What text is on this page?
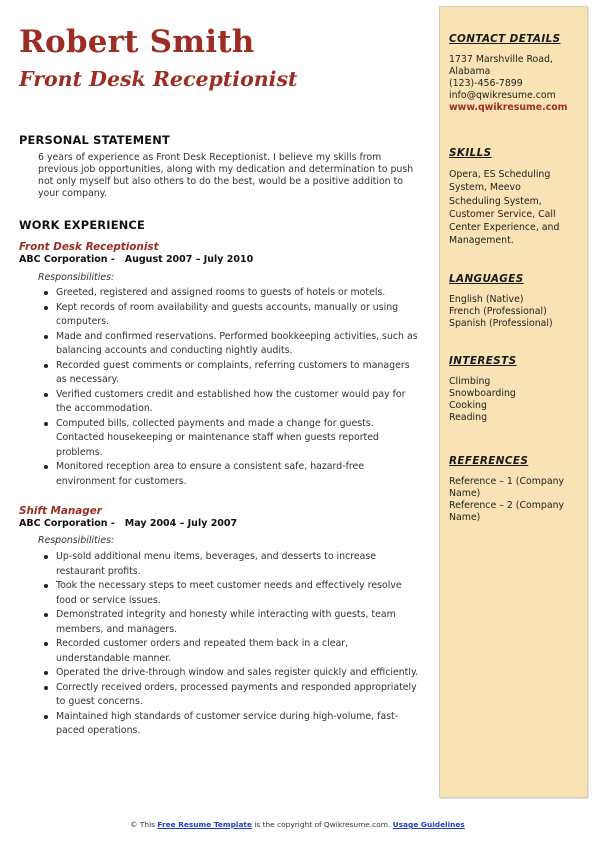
CONTACT DETAILS
1737 Marshville Road,
Alabama
(123)-456-7899
info@qwikresume.com
www.qwikresume.com
SKILLS
Opera, ES Scheduling
System, Meevo
Scheduling System,
Customer Service, Call
Center Experience, and
Management.
LANGUAGES
English (Native)
French (Professional)
Spanish (Professional)
INTERESTS
Climbing
Snowboarding
Cooking
Reading
REFERENCES
Reference – 1 (Company
Name)
Reference – 2 (Company
Name)
Robert Smith
Front Desk Receptionist
PERSONAL STATEMENT
6 years of experience as Front Desk Receptionist. I believe my skills from previous job opportunities, along with my dedication and determination to push not only myself but also others to do the best, would be a positive addition to your company.
WORK EXPERIENCE
Front Desk Receptionist
ABC Corporation - August 2007 – July 2010
Responsibilities:
Greeted, registered and assigned rooms to guests of hotels or motels.
Kept records of room availability and guests accounts, manually or using computers.
Made and confirmed reservations. Performed bookkeeping activities, such as balancing accounts and conducting nightly audits.
Recorded guest comments or complaints, referring customers to managers as necessary.
Verified customers credit and established how the customer would pay for the accommodation.
Computed bills, collected payments and made a change for guests. Contacted housekeeping or maintenance staff when guests reported problems.
Monitored reception area to ensure a consistent safe, hazard-free environment for customers.
Shift Manager
ABC Corporation - May 2004 – July 2007
Responsibilities:
Up-sold additional menu items, beverages, and desserts to increase restaurant profits.
Took the necessary steps to meet customer needs and effectively resolve food or service issues.
Demonstrated integrity and honesty while interacting with guests, team members, and managers.
Recorded customer orders and repeated them back in a clear, understandable manner.
Operated the drive-through window and sales register quickly and efficiently.
Correctly received orders, processed payments and responded appropriately to guest concerns.
Maintained high standards of customer service during high-volume, fast-paced operations.
© This Free Resume Template is the copyright of Qwikresume.com. Usage Guidelines
